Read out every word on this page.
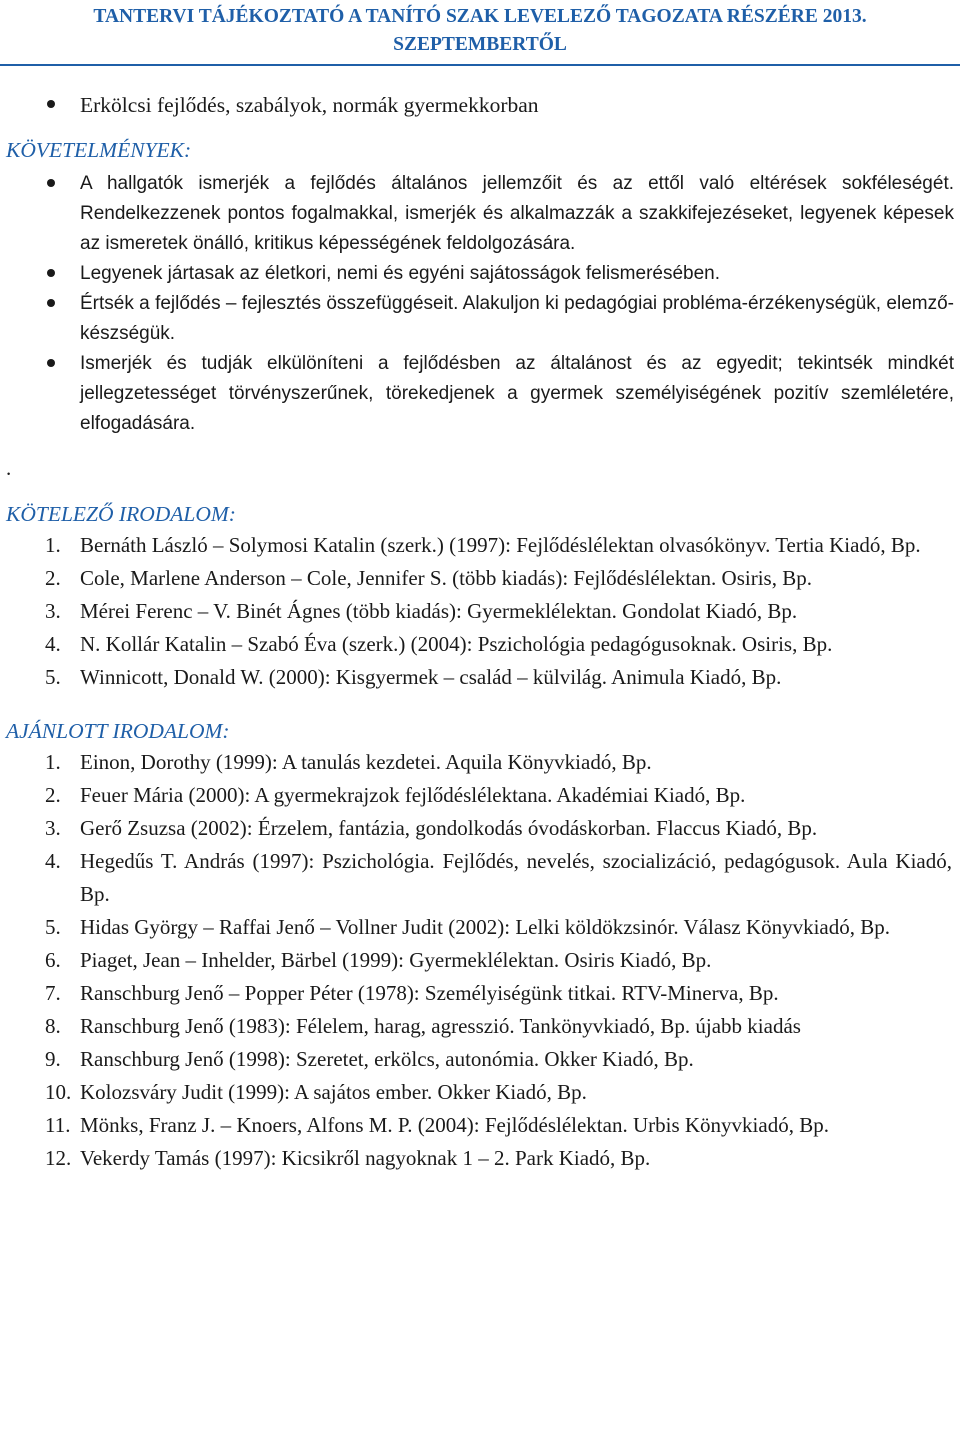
TANTERVI TÁJÉKOZTATÓ A TANÍTÓ SZAK LEVELEZŐ TAGOZATA RÉSZÉRE 2013.
SZEPTEMBERTŐL
Erkölcsi fejlődés, szabályok, normák gyermekkorban
KÖVETELMÉNYEK:
A hallgatók ismerjék a fejlődés általános jellemzőit és az ettől való eltérések sokféleségét. Rendelkezzenek pontos fogalmakkal, ismerjék és alkalmazzák a szakkifejezéseket, legyenek képesek az ismeretek önálló, kritikus képességének feldolgozására.
Legyenek jártasak az életkori, nemi és egyéni sajátosságok felismerésében.
Értsék a fejlődés – fejlesztés összefüggéseit. Alakuljon ki pedagógiai probléma-érzékenységük, elemző-készségük.
Ismerjék és tudják elkülöníteni a fejlődésben az általánost és az egyedit; tekintsék mindkét jellegzetességet törvényszerűnek, törekedjenek a gyermek személyiségének pozitív szemléletére, elfogadására.
.
KÖTELEZŐ IRODALOM:
1. Bernáth László – Solymosi Katalin (szerk.) (1997): Fejlődéslélektan olvasókönyv. Tertia Kiadó, Bp.
2. Cole, Marlene Anderson – Cole, Jennifer S. (több kiadás): Fejlődéslélektan. Osiris, Bp.
3. Mérei Ferenc – V. Binét Ágnes (több kiadás): Gyermeklélektan. Gondolat Kiadó, Bp.
4. N. Kollár Katalin – Szabó Éva (szerk.) (2004): Pszichológia pedagógusoknak. Osiris, Bp.
5. Winnicott, Donald W. (2000): Kisgyermek – család – külvilág. Animula Kiadó, Bp.
AJÁNLOTT IRODALOM:
1. Einon, Dorothy (1999): A tanulás kezdetei. Aquila Könyvkiadó, Bp.
2. Feuer Mária (2000): A gyermekrajzok fejlődéslélektana. Akadémiai Kiadó, Bp.
3. Gerő Zsuzsa (2002): Érzelem, fantázia, gondolkodás óvodáskorban. Flaccus Kiadó, Bp.
4. Hegedűs T. András (1997): Pszichológia. Fejlődés, nevelés, szocializáció, pedagógusok. Aula Kiadó, Bp.
5. Hidas György – Raffai Jenő – Vollner Judit (2002): Lelki köldökzsinór. Válasz Könyvkiadó, Bp.
6. Piaget, Jean – Inhelder, Bärbel (1999): Gyermeklélektan. Osiris Kiadó, Bp.
7. Ranschburg Jenő – Popper Péter (1978): Személyiségünk titkai. RTV-Minerva, Bp.
8. Ranschburg Jenő (1983): Félelem, harag, agresszió. Tankönyvkiadó, Bp. újabb kiadás
9. Ranschburg Jenő (1998): Szeretet, erkölcs, autonómia. Okker Kiadó, Bp.
10. Kolozsváry Judit (1999): A sajátos ember. Okker Kiadó, Bp.
11. Mönks, Franz J. – Knoers, Alfons M. P. (2004): Fejlődéslélektan. Urbis Könyvkiadó, Bp.
12. Vekerdy Tamás (1997): Kicsikről nagyoknak 1 – 2. Park Kiadó, Bp.
